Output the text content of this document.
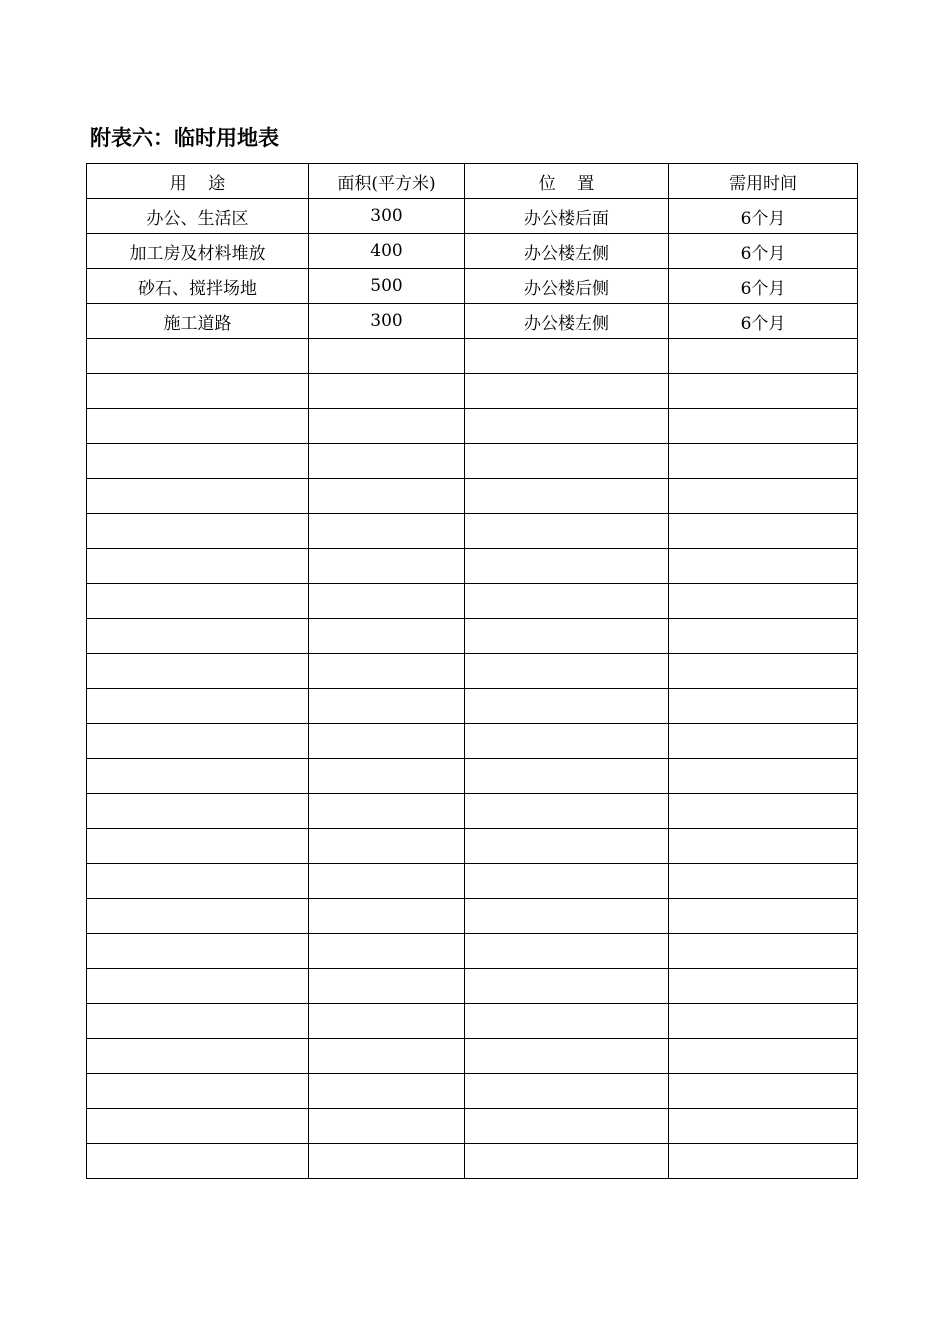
附表六：临时用地表
用    途	面积(平方米)	位    置	需用时间
办公、生活区	300	办公楼后面	6个月
加工房及材料堆放	400	办公楼左侧	6个月
砂石、搅拌场地	500	办公楼后侧	6个月
施工道路	300	办公楼左侧	6个月
